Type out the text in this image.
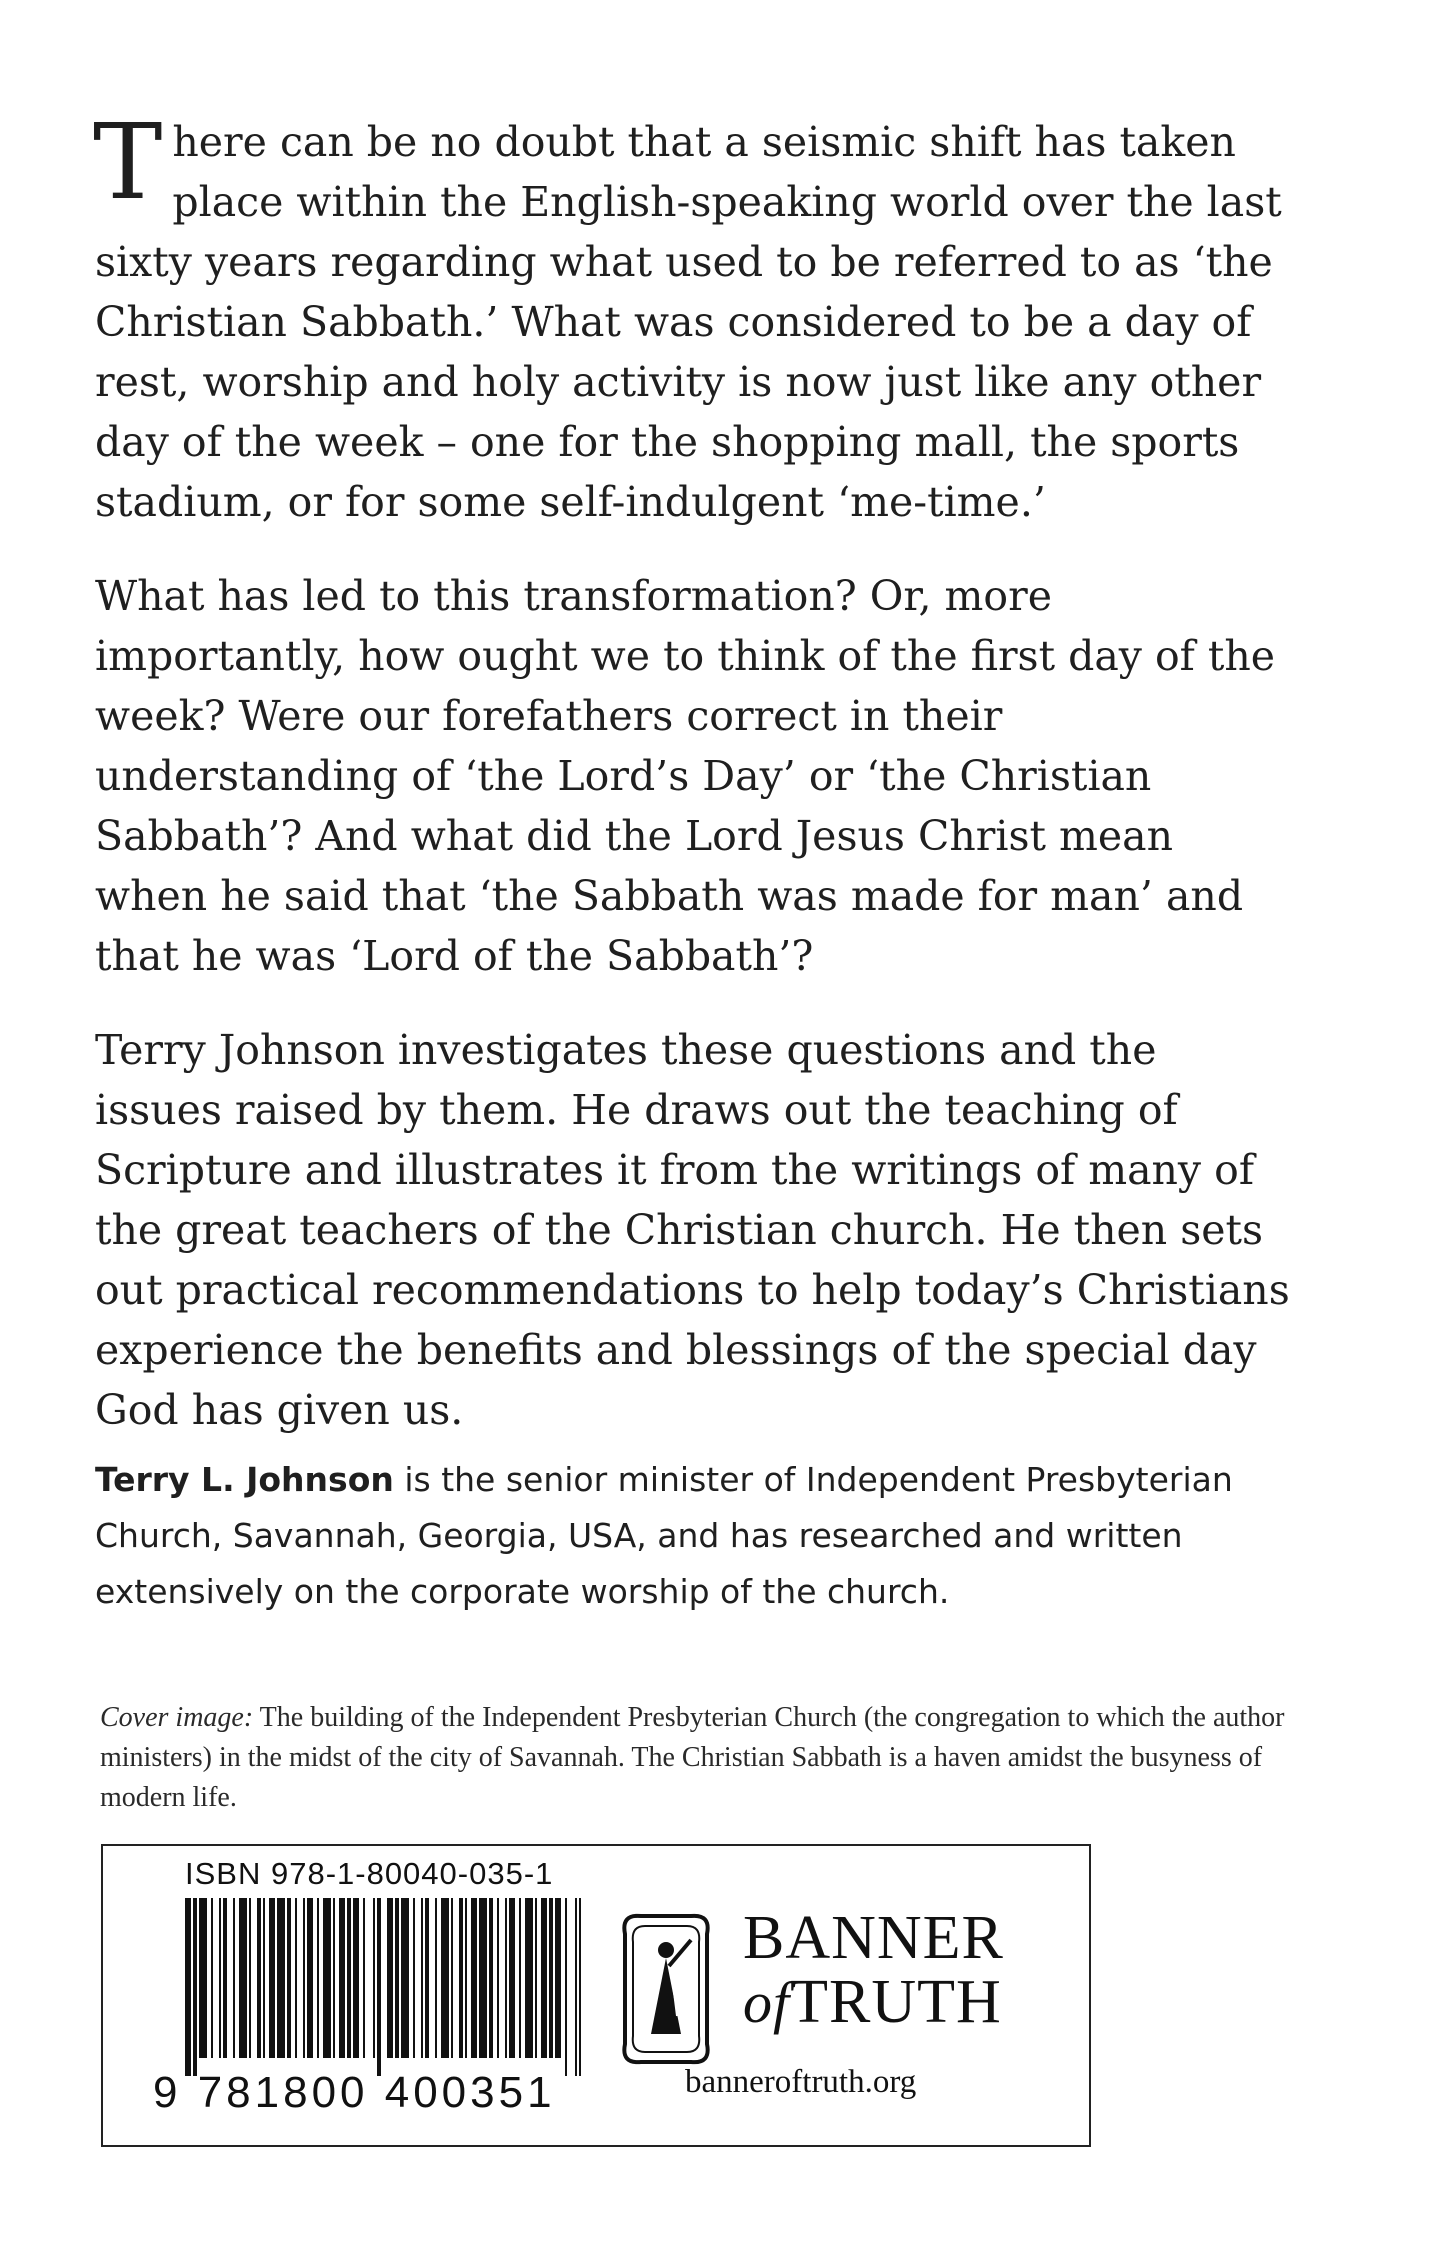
There can be no doubt that a seismic shift has taken place within the English-speaking world over the last sixty years regarding what used to be referred to as ‘the Christian Sabbath.’ What was considered to be a day of rest, worship and holy activity is now just like any other day of the week – one for the shopping mall, the sports stadium, or for some self-indulgent ‘me-time.’

What has led to this transformation? Or, more importantly, how ought we to think of the first day of the week? Were our forefathers correct in their understanding of ‘the Lord’s Day’ or ‘the Christian Sabbath’? And what did the Lord Jesus Christ mean when he said that ‘the Sabbath was made for man’ and that he was ‘Lord of the Sabbath’?

Terry Johnson investigates these questions and the issues raised by them. He draws out the teaching of Scripture and illustrates it from the writings of many of the great teachers of the Christian church. He then sets out practical recommendations to help today’s Christians experience the benefits and blessings of the special day God has given us.

Terry L. Johnson is the senior minister of Independent Presbyterian Church, Savannah, Georgia, USA, and has researched and written extensively on the corporate worship of the church.
Cover image: The building of the Independent Presbyterian Church (the congregation to which the author ministers) in the midst of the city of Savannah. The Christian Sabbath is a haven amidst the busyness of modern life.
ISBN 978-1-80040-035-1
9 781800 400351
BANNER
ofTRUTH
banneroftruth.org
